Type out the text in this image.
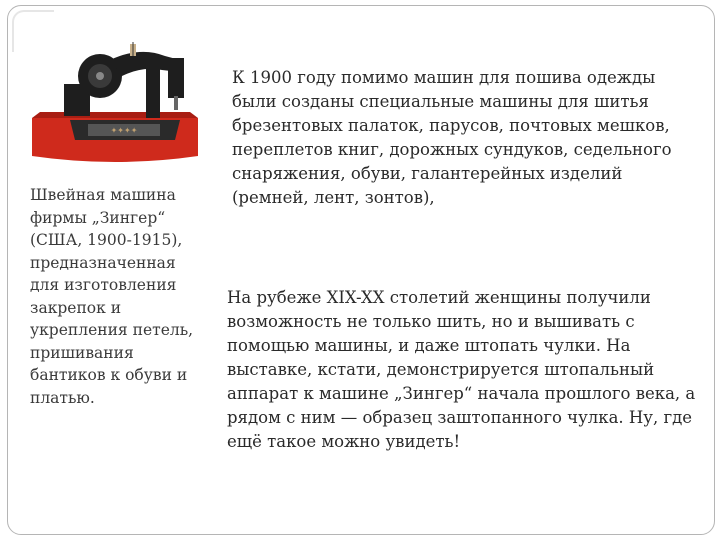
✦✦✦✦
Швейная машина фирмы „Зингер“ (США, 1900-1915), предназначенная для изготовления закрепок и укрепления петель, пришивания бантиков к обуви и платью.
К 1900 году помимо машин для пошива одежды были созданы специальные машины для шитья брезентовых палаток, парусов, почтовых мешков, переплетов книг, дорожных сундуков, седельного снаряжения, обуви, галантерейных изделий (ремней, лент, зонтов),
На рубеже XIX-XX столетий женщины получили возможность не только шить, но и вышивать с помощью машины, и даже штопать чулки. На выставке, кстати, демонстрируется штопальный аппарат к машине „Зингер“ начала прошлого века, а рядом с ним — образец заштопанного чулка. Ну, где ещё такое можно увидеть!
